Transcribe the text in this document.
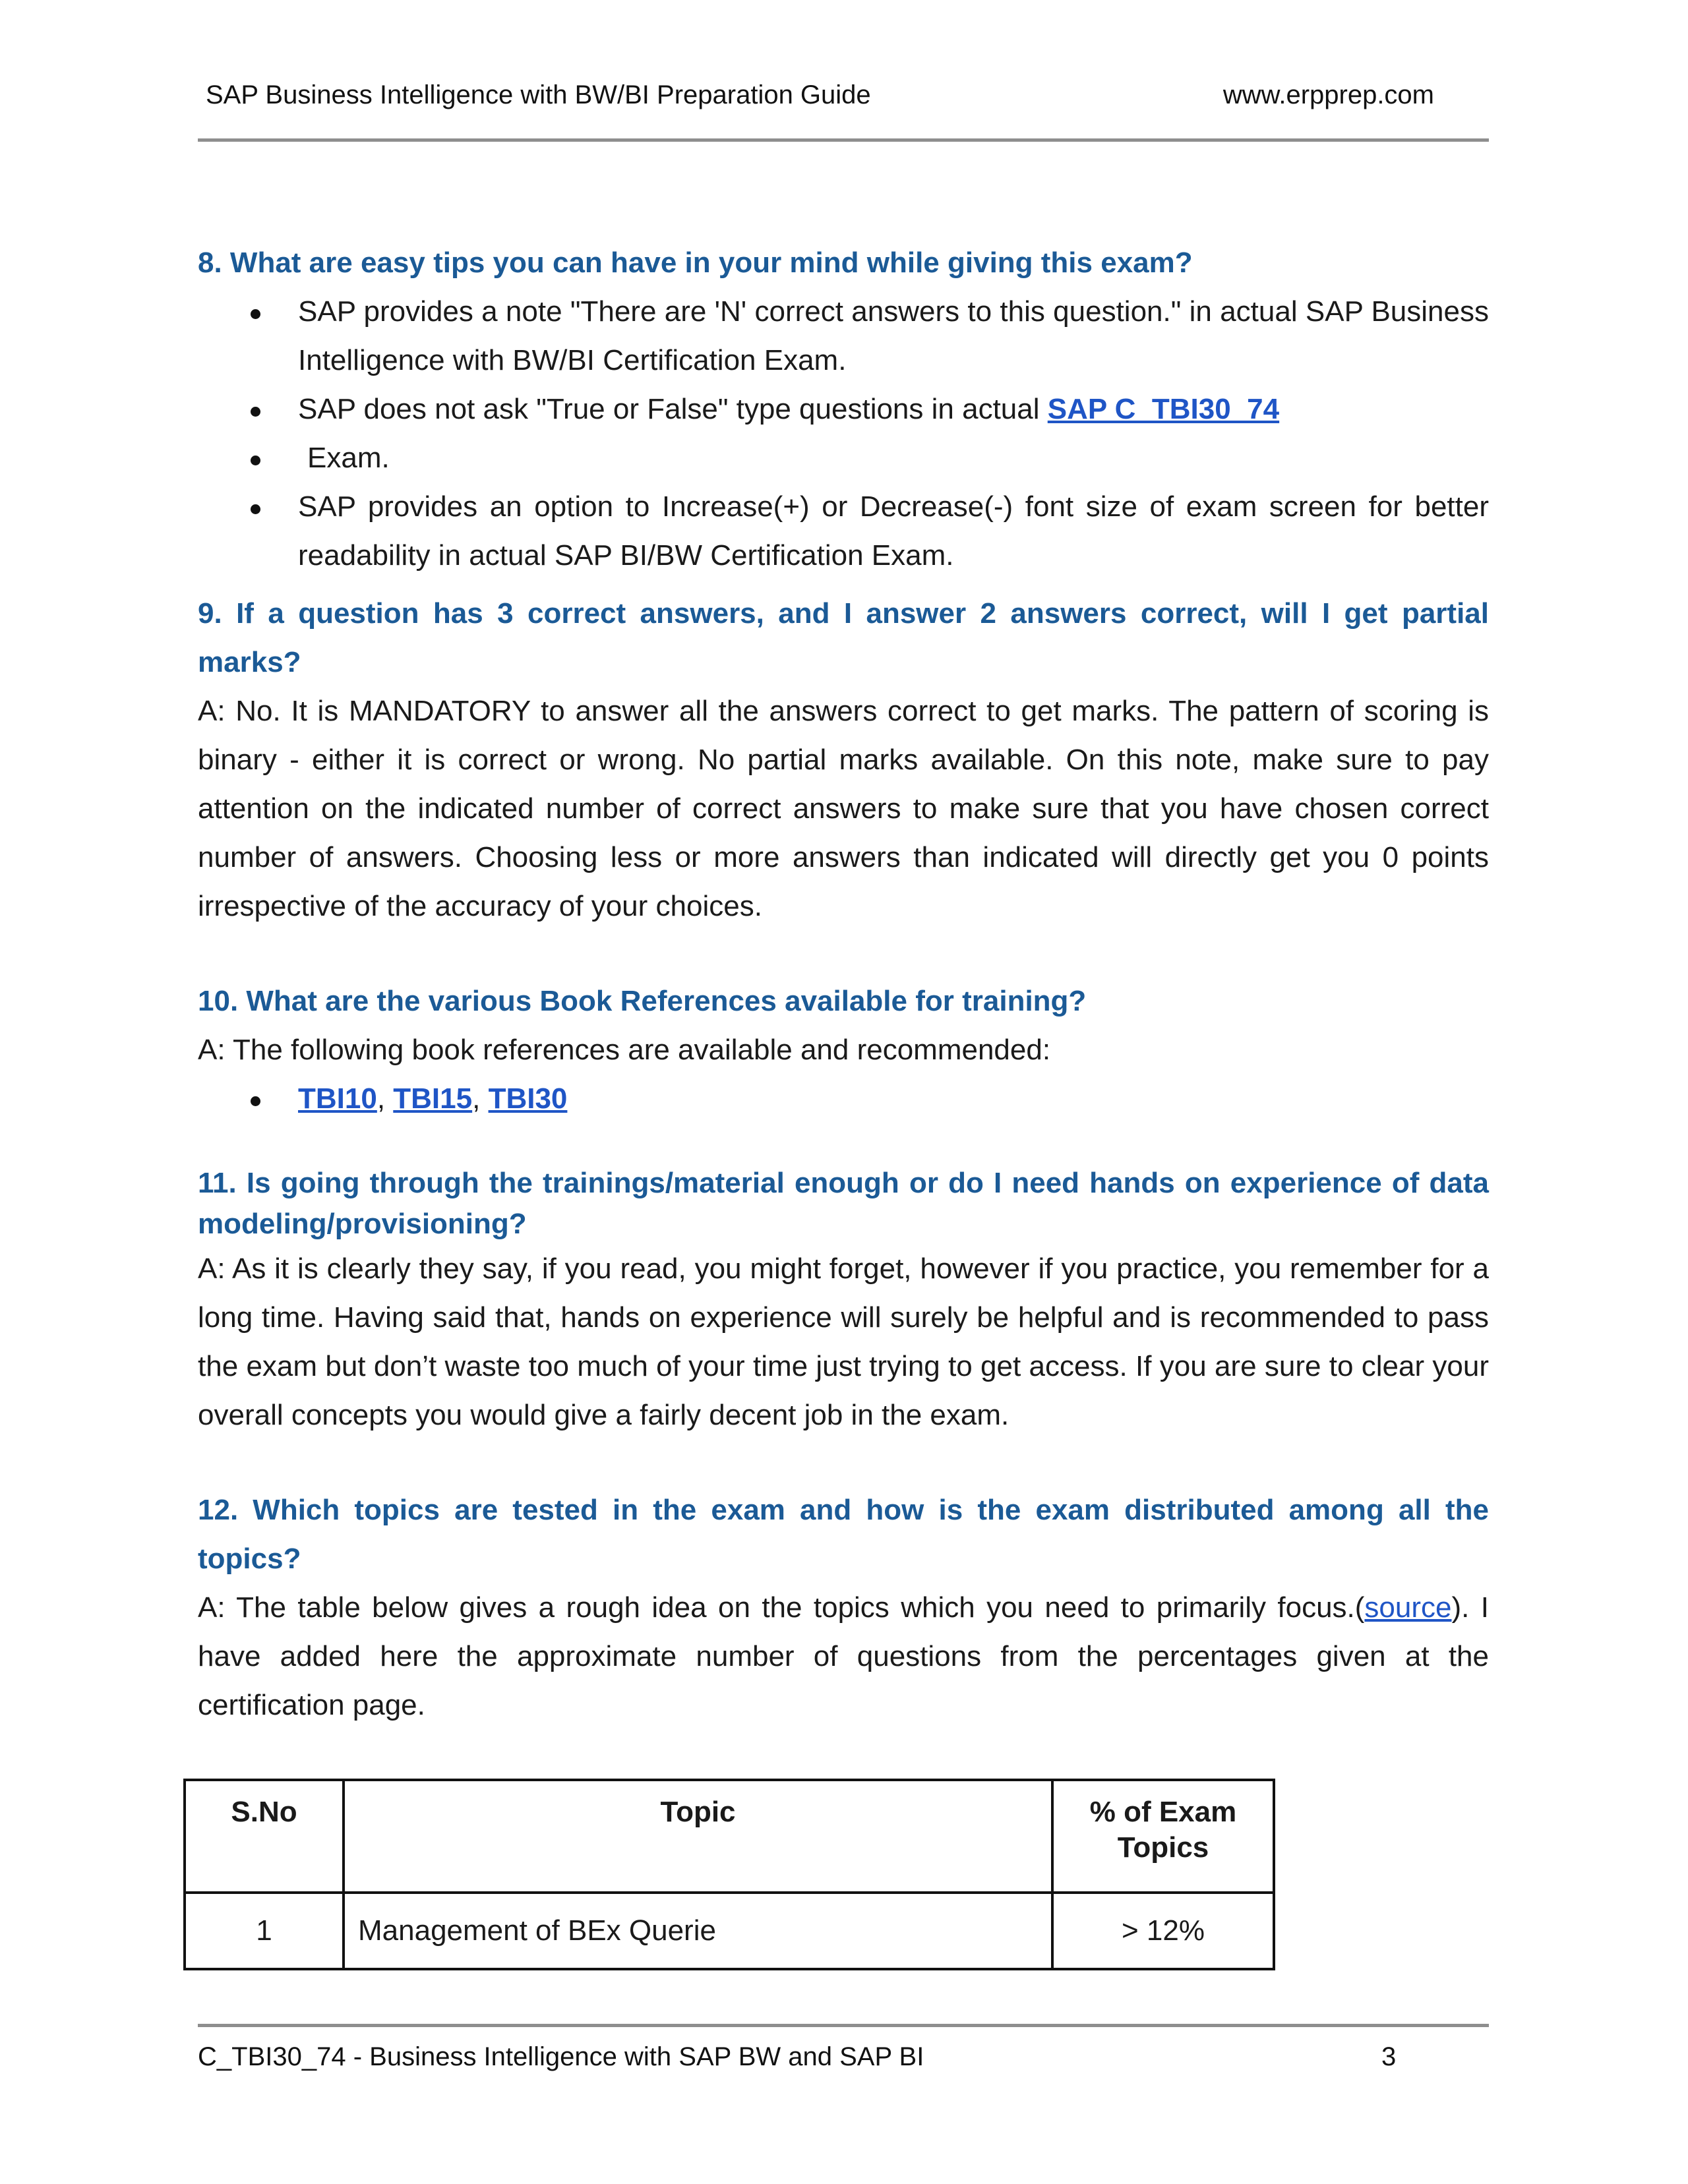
SAP Business Intelligence with BW/BI Preparation Guide	www.erpprep.com

8. What are easy tips you can have in your mind while giving this exam?

SAP provides a note "There are 'N' correct answers to this question." in actual SAP Business Intelligence with BW/BI Certification Exam.
SAP does not ask "True or False" type questions in actual SAP C_TBI30_74
Exam.
SAP provides an option to Increase(+) or Decrease(-) font size of exam screen for better readability in actual SAP BI/BW Certification Exam.

9. If a question has 3 correct answers, and I answer 2 answers correct, will I get partial marks?

A: No. It is MANDATORY to answer all the answers correct to get marks. The pattern of scoring is binary - either it is correct or wrong. No partial marks available. On this note, make sure to pay attention on the indicated number of correct answers to make sure that you have chosen correct number of answers. Choosing less or more answers than indicated will directly get you 0 points irrespective of the accuracy of your choices.

10. What are the various Book References available for training?

A: The following book references are available and recommended:

TBI10, TBI15, TBI30

11. Is going through the trainings/material enough or do I need hands on experience of data modeling/provisioning?

A: As it is clearly they say, if you read, you might forget, however if you practice, you remember for a long time. Having said that, hands on experience will surely be helpful and is recommended to pass the exam but don’t waste too much of your time just trying to get access. If you are sure to clear your overall concepts you would give a fairly decent job in the exam.

12. Which topics are tested in the exam and how is the exam distributed among all the topics?

A: The table below gives a rough idea on the topics which you need to primarily focus.(source). I have added here the approximate number of questions from the percentages given at the certification page.

S.No	Topic	% of Exam Topics
1	Management of BEx Querie	> 12%
C_TBI30_74 - Business Intelligence with SAP BW and SAP BI	3
